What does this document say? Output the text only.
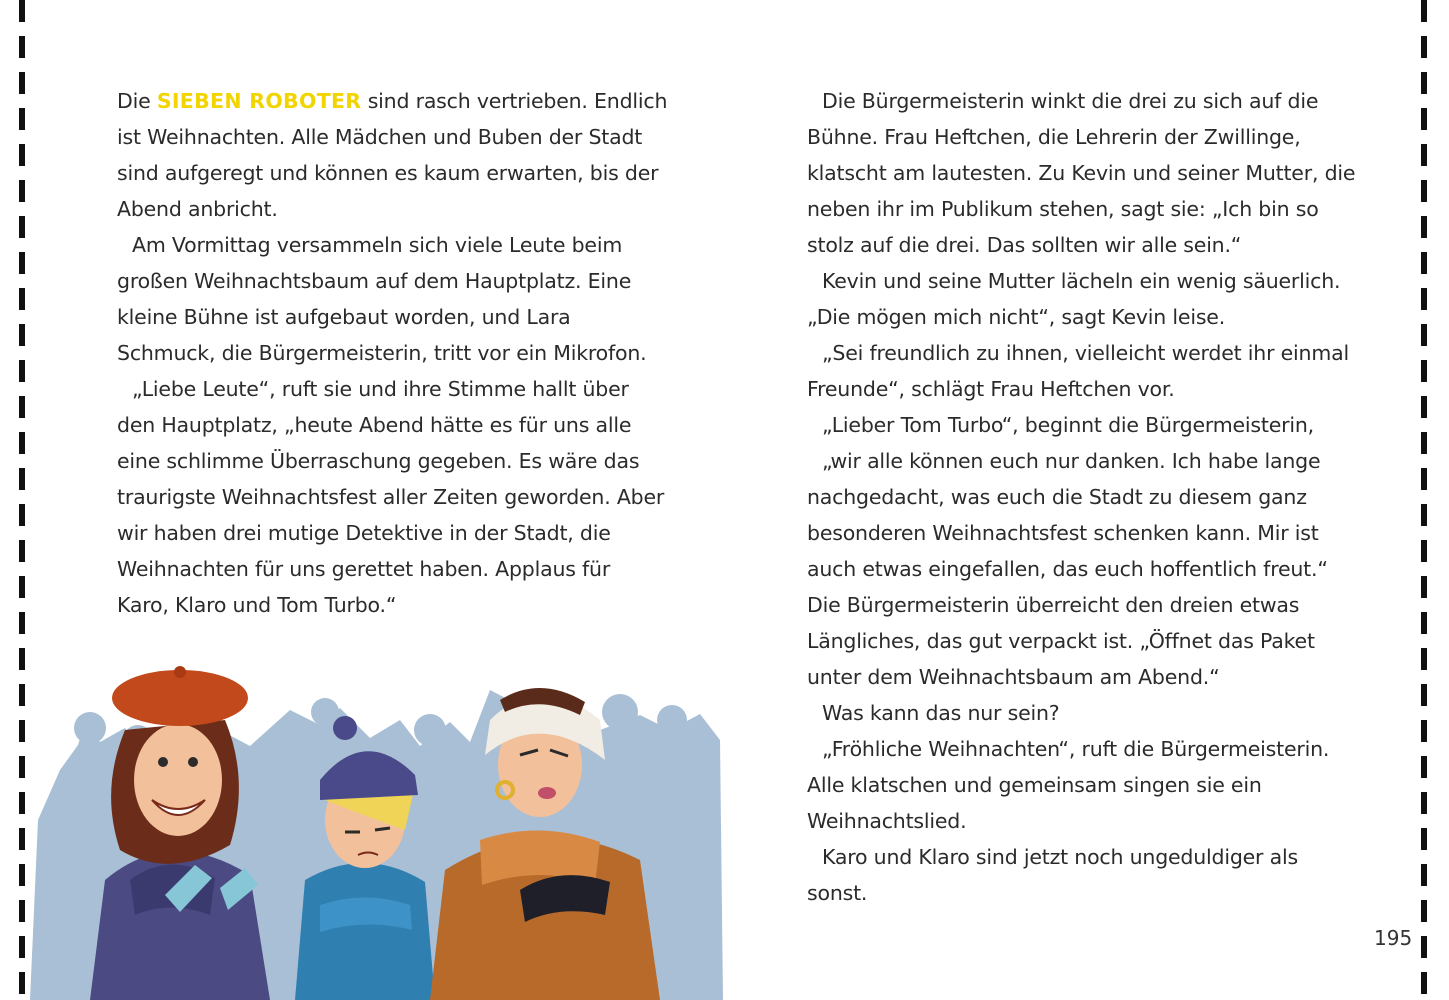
Die SIEBEN ROBOTER sind rasch vertrieben. Endlich

ist Weihnachten. Alle Mädchen und Buben der Stadt

sind aufgeregt und können es kaum erwarten, bis der

Abend anbricht.

Am Vormittag versammeln sich viele Leute beim

großen Weihnachtsbaum auf dem Hauptplatz. Eine

kleine Bühne ist aufgebaut worden, und Lara

Schmuck, die Bürgermeisterin, tritt vor ein Mikrofon.

„Liebe Leute“, ruft sie und ihre Stimme hallt über

den Hauptplatz, „heute Abend hätte es für uns alle

eine schlimme Überraschung gegeben. Es wäre das

traurigste Weihnachtsfest aller Zeiten geworden. Aber

wir haben drei mutige Detektive in der Stadt, die

Weihnachten für uns gerettet haben. Applaus für

Karo, Klaro und Tom Turbo.“

Die Bürgermeisterin winkt die drei zu sich auf die

Bühne. Frau Heftchen, die Lehrerin der Zwillinge,

klatscht am lautesten. Zu Kevin und seiner Mutter, die

neben ihr im Publikum stehen, sagt sie: „Ich bin so

stolz auf die drei. Das sollten wir alle sein.“

Kevin und seine Mutter lächeln ein wenig säuerlich.

„Die mögen mich nicht“, sagt Kevin leise.

„Sei freundlich zu ihnen, vielleicht werdet ihr einmal

Freunde“, schlägt Frau Heftchen vor.

„Lieber Tom Turbo“, beginnt die Bürgermeisterin,

„wir alle können euch nur danken. Ich habe lange

nachgedacht, was euch die Stadt zu diesem ganz

besonderen Weihnachtsfest schenken kann. Mir ist

auch etwas eingefallen, das euch hoffentlich freut.“

Die Bürgermeisterin überreicht den dreien etwas

Längliches, das gut verpackt ist. „Öffnet das Paket

unter dem Weihnachtsbaum am Abend.“

Was kann das nur sein?

„Fröhliche Weihnachten“, ruft die Bürgermeisterin.

Alle klatschen und gemeinsam singen sie ein

Weihnachtslied.

Karo und Klaro sind jetzt noch ungeduldiger als

sonst.

195
